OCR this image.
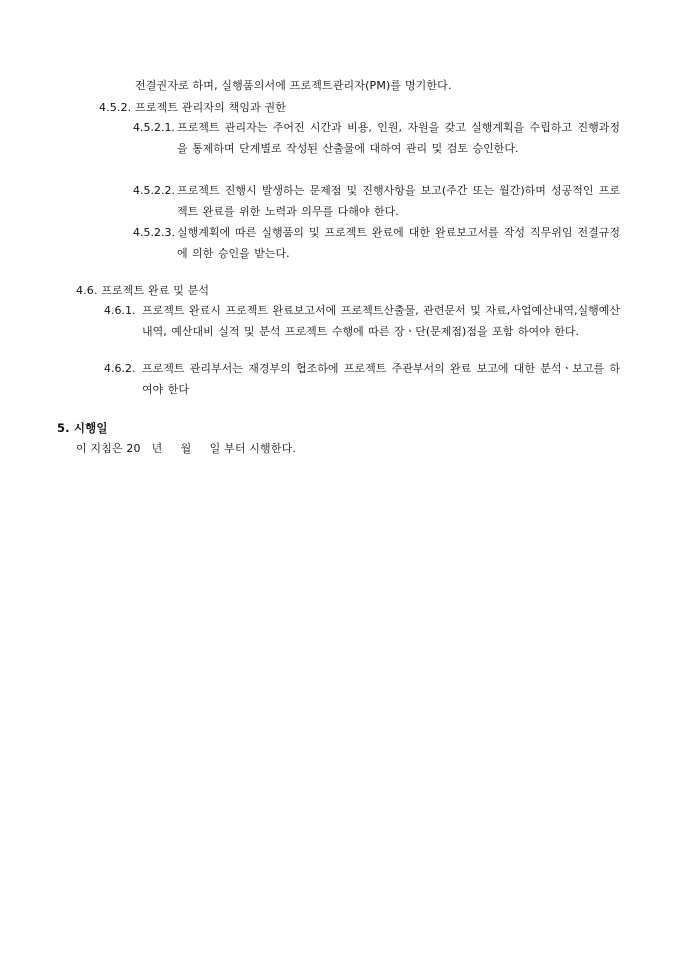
전결권자로 하며, 실행품의서에 프로젝트관리자(PM)를 명기한다.
4.5.2. 프로젝트 관리자의 책임과 권한
4.5.2.1. 프로젝트 관리자는 주어진 시간과 비용, 인원, 자원을 갖고 실행계획을 수립하고 진행과정을 통제하며 단계별로 작성된 산출물에 대하여 관리 및 검토 승인한다.
4.5.2.2. 프로젝트 진행시 발생하는 문제점 및 진행사항을 보고(주간 또는 월간)하며 성공적인 프로젝트 완료를 위한 노력과 의무를 다해야 한다.
4.5.2.3. 실행계획에 따른 실행품의 및 프로젝트 완료에 대한 완료보고서를 작성 직무위임 전결규정에 의한 승인을 받는다.
4.6. 프로젝트 완료 및 분석
4.6.1. 프로젝트 완료시 프로젝트 완료보고서에 프로젝트산출물, 관련문서 및 자료,사업예산내역,실행예산내역, 예산대비 실적 및 분석 프로젝트 수행에 따른 장ㆍ단(문제점)점을 포함 하여야 한다.
4.6.2. 프로젝트 관리부서는 재경부의 협조하에 프로젝트 주관부서의 완료 보고에 대한 분석ㆍ보고를 하여야 한다
5. 시행일
이 지침은 20   년     월     일 부터 시행한다.
